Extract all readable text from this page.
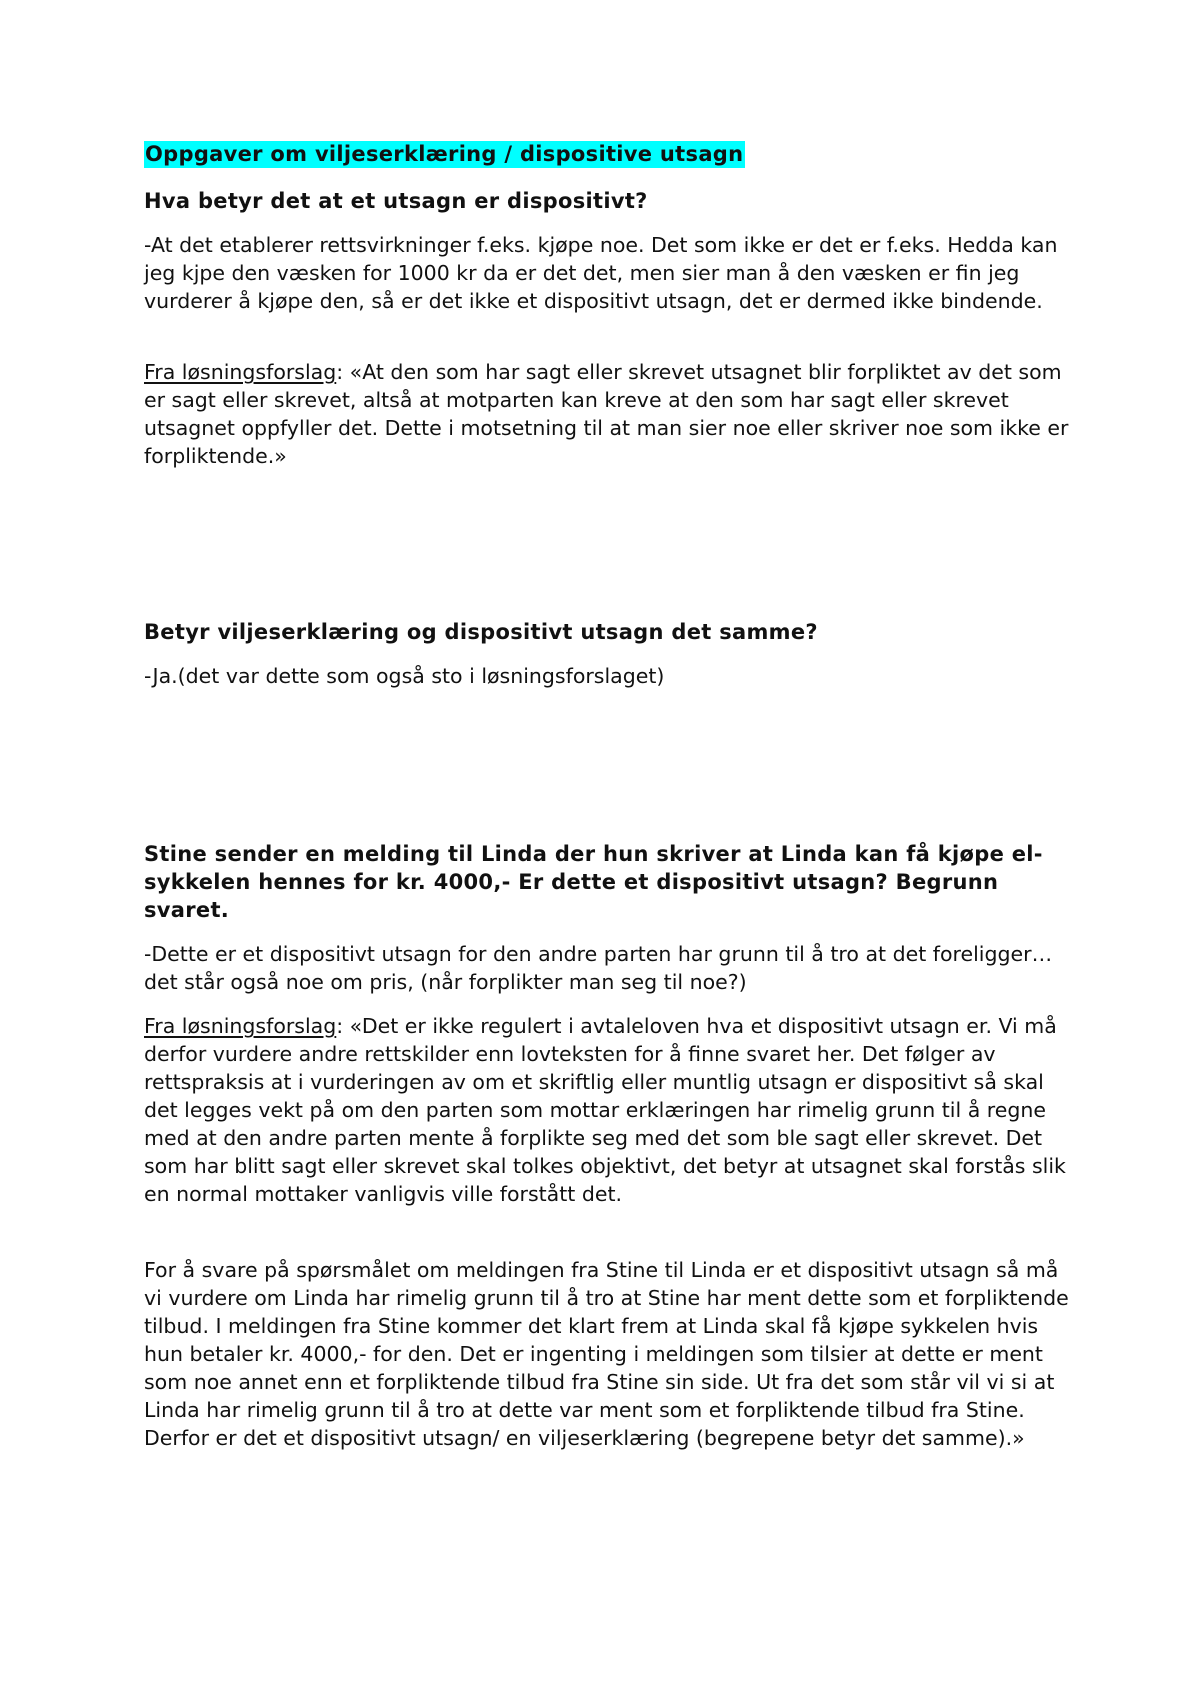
Oppgaver om viljeserklæring / dispositive utsagn

Hva betyr det at et utsagn er dispositivt?

-At det etablerer rettsvirkninger f.eks. kjøpe noe. Det som ikke er det er f.eks. Hedda kan jeg kjpe den væsken for 1000 kr da er det det, men sier man å den væsken er fin jeg vurderer å kjøpe den, så er det ikke et dispositivt utsagn, det er dermed ikke bindende.

Fra løsningsforslag: «At den som har sagt eller skrevet utsagnet blir forpliktet av det som er sagt eller skrevet, altså at motparten kan kreve at den som har sagt eller skrevet utsagnet oppfyller det. Dette i motsetning til at man sier noe eller skriver noe som ikke er forpliktende.»

Betyr viljeserklæring og dispositivt utsagn det samme?

-Ja.(det var dette som også sto i løsningsforslaget)

Stine sender en melding til Linda der hun skriver at Linda kan få kjøpe el-sykkelen hennes for kr. 4000,- Er dette et dispositivt utsagn? Begrunn svaret.

-Dette er et dispositivt utsagn for den andre parten har grunn til å tro at det foreligger…det står også noe om pris, (når forplikter man seg til noe?)

Fra løsningsforslag: «Det er ikke regulert i avtaleloven hva et dispositivt utsagn er. Vi må derfor vurdere andre rettskilder enn lovteksten for å finne svaret her. Det følger av rettspraksis at i vurderingen av om et skriftlig eller muntlig utsagn er dispositivt så skal det legges vekt på om den parten som mottar erklæringen har rimelig grunn til å regne med at den andre parten mente å forplikte seg med det som ble sagt eller skrevet. Det som har blitt sagt eller skrevet skal tolkes objektivt, det betyr at utsagnet skal forstås slik en normal mottaker vanligvis ville forstått det.

For å svare på spørsmålet om meldingen fra Stine til Linda er et dispositivt utsagn så må vi vurdere om Linda har rimelig grunn til å tro at Stine har ment dette som et forpliktende tilbud. I meldingen fra Stine kommer det klart frem at Linda skal få kjøpe sykkelen hvis hun betaler kr. 4000,- for den. Det er ingenting i meldingen som tilsier at dette er ment som noe annet enn et forpliktende tilbud fra Stine sin side. Ut fra det som står vil vi si at Linda har rimelig grunn til å tro at dette var ment som et forpliktende tilbud fra Stine. Derfor er det et dispositivt utsagn/ en viljeserklæring (begrepene betyr det samme).»
